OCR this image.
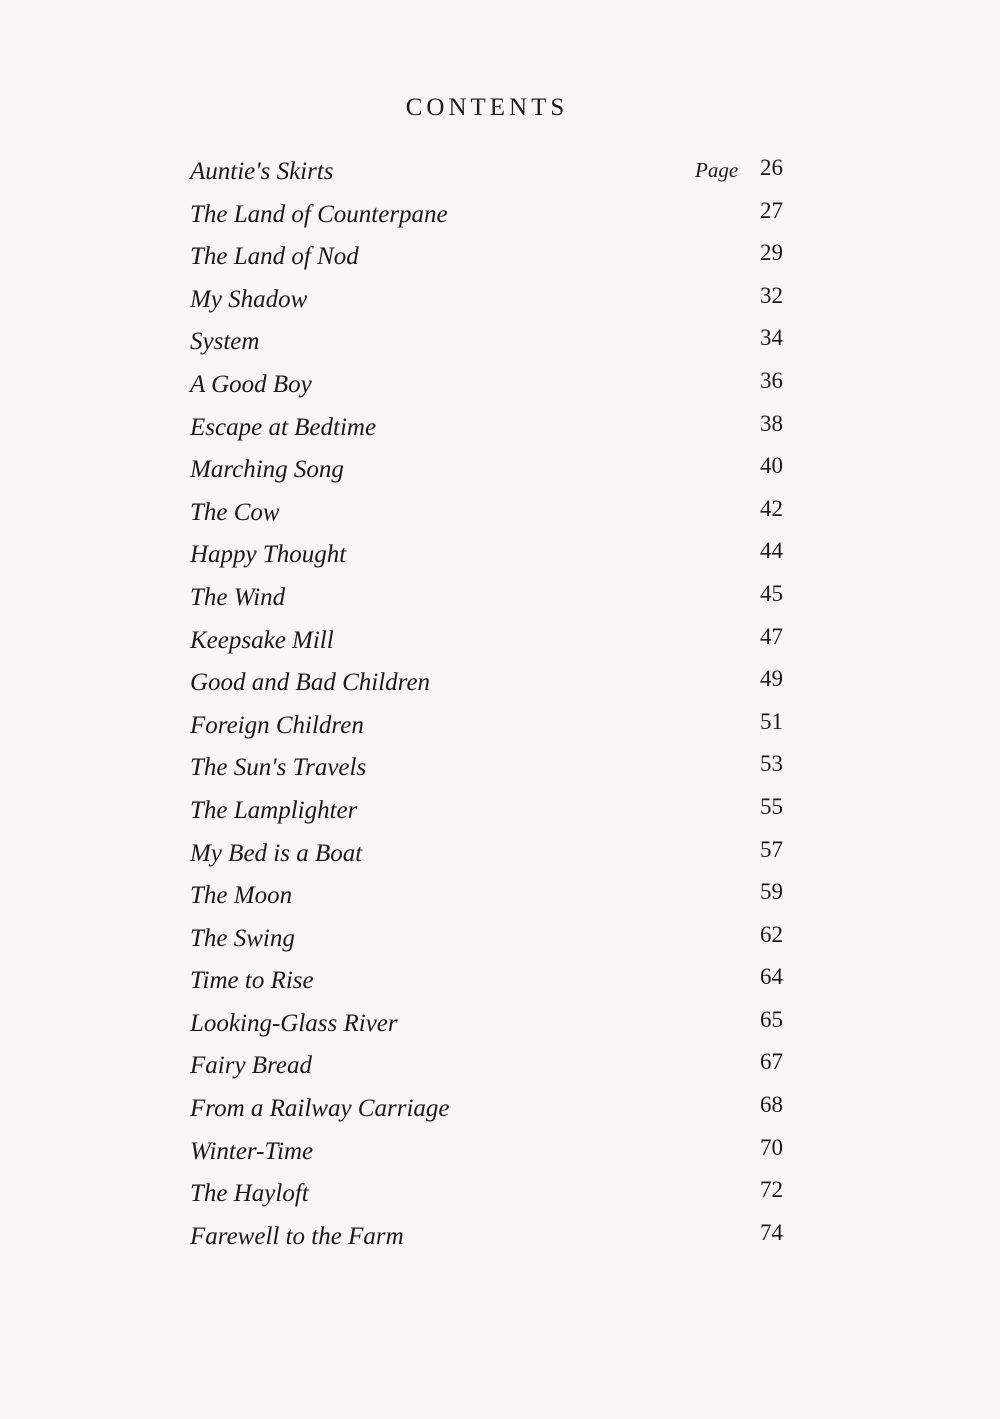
CONTENTS
Auntie's Skirts	Page 26
The Land of Counterpane	27
The Land of Nod	29
My Shadow	32
System	34
A Good Boy	36
Escape at Bedtime	38
Marching Song	40
The Cow	42
Happy Thought	44
The Wind	45
Keepsake Mill	47
Good and Bad Children	49
Foreign Children	51
The Sun's Travels	53
The Lamplighter	55
My Bed is a Boat	57
The Moon	59
The Swing	62
Time to Rise	64
Looking-Glass River	65
Fairy Bread	67
From a Railway Carriage	68
Winter-Time	70
The Hayloft	72
Farewell to the Farm	74
